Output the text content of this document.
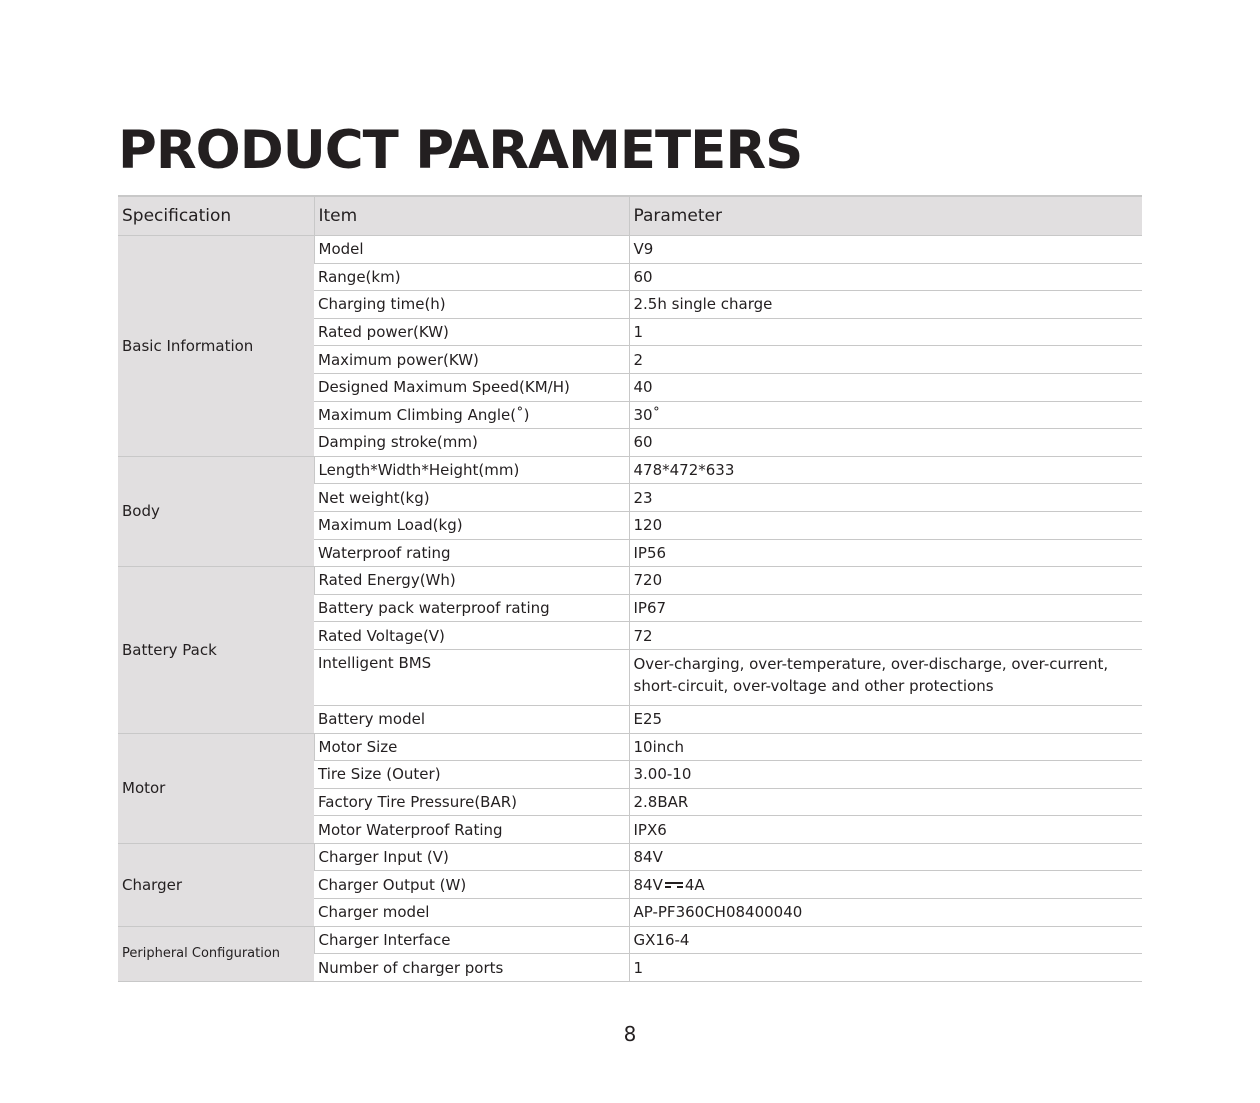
PRODUCT PARAMETERS
Specification	Item	Parameter
Basic Information	Model	V9
	Range(km)	60
	Charging time(h)	2.5h single charge
	Rated power(KW)	1
	Maximum power(KW)	2
	Designed Maximum Speed(KM/H)	40
	Maximum Climbing Angle(˚)	30˚
	Damping stroke(mm)	60
Body	Length*Width*Height(mm)	478*472*633
	Net weight(kg)	23
	Maximum Load(kg)	120
	Waterproof rating	IP56
Battery Pack	Rated Energy(Wh)	720
	Battery pack waterproof rating	IP67
	Rated Voltage(V)	72
	Intelligent BMS	Over-charging, over-temperature, over-discharge, over-current, short-circuit, over-voltage and other protections
	Battery model	E25
Motor	Motor Size	10inch
	Tire Size (Outer)	3.00-10
	Factory Tire Pressure(BAR)	2.8BAR
	Motor Waterproof Rating	IPX6
Charger	Charger Input (V)	84V
	Charger Output (W)	84V 4A
	Charger model	AP-PF360CH08400040
Peripheral Configuration	Charger Interface	GX16-4
	Number of charger ports	1
8
